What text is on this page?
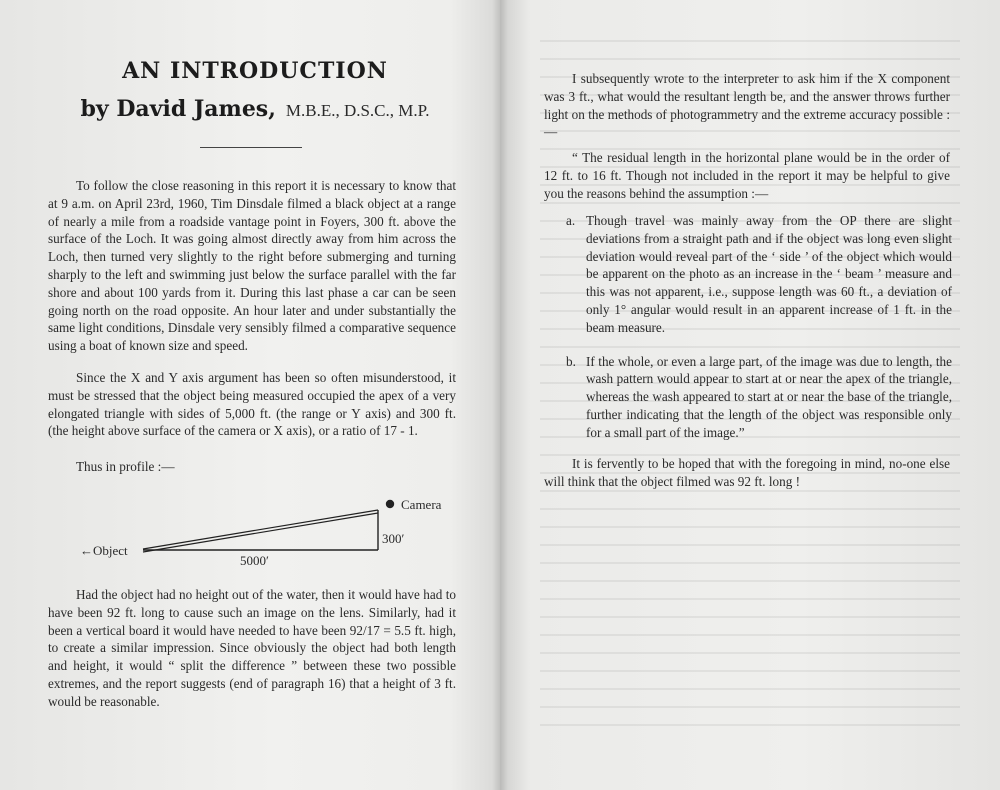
AN INTRODUCTION

by David James, M.B.E., D.S.C., M.P.

To follow the close reasoning in this report it is necessary to know that at 9 a.m. on April 23rd, 1960, Tim Dinsdale filmed a black object at a range of nearly a mile from a roadside vantage point in Foyers, 300 ft. above the surface of the Loch. It was going almost directly away from him across the Loch, then turned very slightly to the right before submerging and turning sharply to the left and swimming just below the surface parallel with the far shore and about 100 yards from it. During this last phase a car can be seen going north on the road opposite. An hour later and under substantially the same light conditions, Dinsdale very sensibly filmed a comparative sequence using a boat of known size and speed.

Since the X and Y axis argument has been so often misunderstood, it must be stressed that the object being measured occupied the apex of a very elongated triangle with sides of 5,000 ft. (the range or Y axis) and 300 ft. (the height above surface of the camera or X axis), or a ratio of 17 - 1.

Thus in profile :—

Camera
300′
←Object
5000′

Had the object had no height out of the water, then it would have had to have been 92 ft. long to cause such an image on the lens. Similarly, had it been a vertical board it would have needed to have been 92/17 = 5.5 ft. high, to create a similar impression. Since obviously the object had both length and height, it would “ split the difference ” between these two possible extremes, and the report suggests (end of paragraph 16) that a height of 3 ft. would be reasonable.

I subsequently wrote to the interpreter to ask him if the X component was 3 ft., what would the resultant length be, and the answer throws further light on the methods of photogrammetry and the extreme accuracy possible :—

“ The residual length in the horizontal plane would be in the order of 12 ft. to 16 ft. Though not included in the report it may be helpful to give you the reasons behind the assumption :—

a. Though travel was mainly away from the OP there are slight deviations from a straight path and if the object was long even slight deviation would reveal part of the ‘ side ’ of the object which would be apparent on the photo as an increase in the ‘ beam ’ measure and this was not apparent, i.e., suppose length was 60 ft., a deviation of only 1° angular would result in an apparent increase of 1 ft. in the beam measure.
b. If the whole, or even a large part, of the image was due to length, the wash pattern would appear to start at or near the apex of the triangle, whereas the wash appeared to start at or near the base of the triangle, further indicating that the length of the object was responsible only for a small part of the image.”

It is fervently to be hoped that with the foregoing in mind, no-one else will think that the object filmed was 92 ft. long !
